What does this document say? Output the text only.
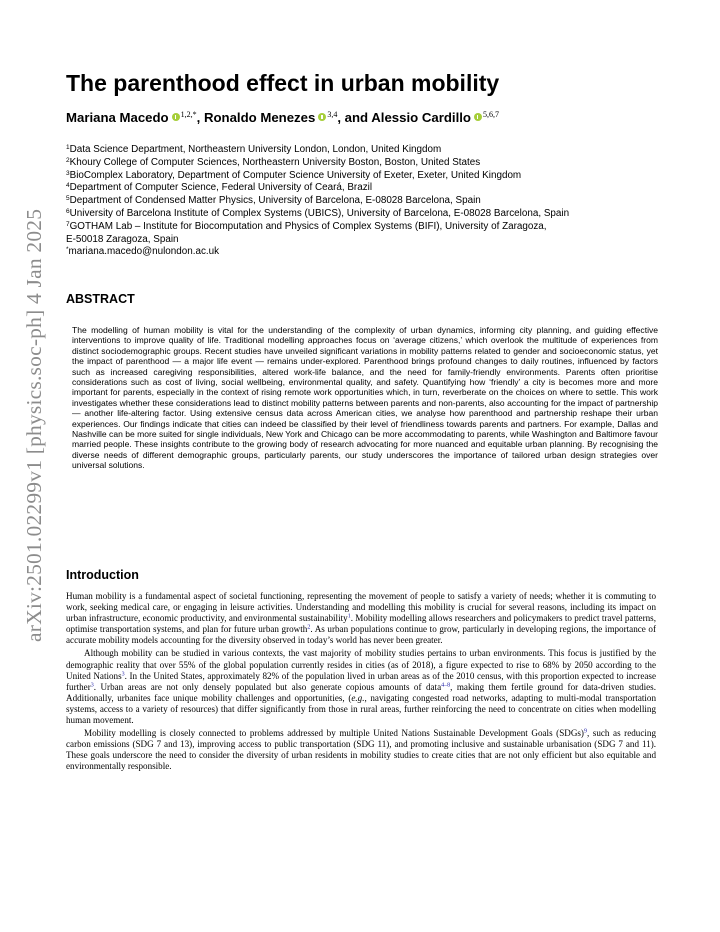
arXiv:2501.02299v1 [physics.soc-ph] 4 Jan 2025
The parenthood effect in urban mobility
Mariana Macedo $^{1,2,*}$, Ronaldo Menezes $^{3,4}$, and Alessio Cardillo $^{5,6,7}$
$^1$Data Science Department, Northeastern University London, London, United Kingdom
$^2$Khoury College of Computer Sciences, Northeastern University Boston, Boston, United States
$^3$BioComplex Laboratory, Department of Computer Science University of Exeter, Exeter, United Kingdom
$^4$Department of Computer Science, Federal University of Ceará, Brazil
$^5$Department of Condensed Matter Physics, University of Barcelona, E-08028 Barcelona, Spain
$^6$University of Barcelona Institute of Complex Systems (UBICS), University of Barcelona, E-08028 Barcelona, Spain
$^7$GOTHAM Lab – Institute for Biocomputation and Physics of Complex Systems (BIFI), University of Zaragoza,
E-50018 Zaragoza, Spain
*mariana.macedo@nulondon.ac.uk
ABSTRACT

The modelling of human mobility is vital for the understanding of the complexity of urban dynamics, informing city planning, and guiding effective interventions to improve quality of life. Traditional modelling approaches focus on ‘average citizens,’ which overlook the multitude of experiences from distinct sociodemographic groups. Recent studies have unveiled significant variations in mobility patterns related to gender and socioeconomic status, yet the impact of parenthood — a major life event — remains under-explored. Parenthood brings profound changes to daily routines, influenced by factors such as increased caregiving responsibilities, altered work-life balance, and the need for family-friendly environments. Parents often prioritise considerations such as cost of living, social wellbeing, environmental quality, and safety. Quantifying how ‘friendly’ a city is becomes more and more important for parents, especially in the context of rising remote work opportunities which, in turn, reverberate on the choices on where to settle. This work investigates whether these considerations lead to distinct mobility patterns between parents and non-parents, also accounting for the impact of partnership — another life-altering factor. Using extensive census data across American cities, we analyse how parenthood and partnership reshape their urban experiences. Our findings indicate that cities can indeed be classified by their level of friendliness towards parents and partners. For example, Dallas and Nashville can be more suited for single individuals, New York and Chicago can be more accommodating to parents, while Washington and Baltimore favour married people. These insights contribute to the growing body of research advocating for more nuanced and equitable urban planning. By recognising the diverse needs of different demographic groups, particularly parents, our study underscores the importance of tailored urban design strategies over universal solutions.

Introduction

Human mobility is a fundamental aspect of societal functioning, representing the movement of people to satisfy a variety of needs; whether it is commuting to work, seeking medical care, or engaging in leisure activities. Understanding and modelling this mobility is crucial for several reasons, including its impact on urban infrastructure, economic productivity, and environmental sustainability$^1$. Mobility modelling allows researchers and policymakers to predict travel patterns, optimise transportation systems, and plan for future urban growth$^2$. As urban populations continue to grow, particularly in developing regions, the importance of accurate mobility models accounting for the diversity observed in today’s world has never been greater.

Although mobility can be studied in various contexts, the vast majority of mobility studies pertains to urban environments. This focus is justified by the demographic reality that over 55% of the global population currently resides in cities (as of 2018), a figure expected to rise to 68% by 2050 according to the United Nations$^3$. In the United States, approximately 82% of the population lived in urban areas as of the 2010 census, with this proportion expected to increase further$^3$. Urban areas are not only densely populated but also generate copious amounts of data$^{4-8}$, making them fertile ground for data-driven studies. Additionally, urbanites face unique mobility challenges and opportunities, (e.g., navigating congested road networks, adapting to multi-modal transportation systems, access to a variety of resources) that differ significantly from those in rural areas, further reinforcing the need to concentrate on cities when modelling human movement.

Mobility modelling is closely connected to problems addressed by multiple United Nations Sustainable Development Goals (SDGs)$^9$, such as reducing carbon emissions (SDG 7 and 13), improving access to public transportation (SDG 11), and promoting inclusive and sustainable urbanisation (SDG 7 and 11). These goals underscore the need to consider the diversity of urban residents in mobility studies to create cities that are not only efficient but also equitable and environmentally responsible.
